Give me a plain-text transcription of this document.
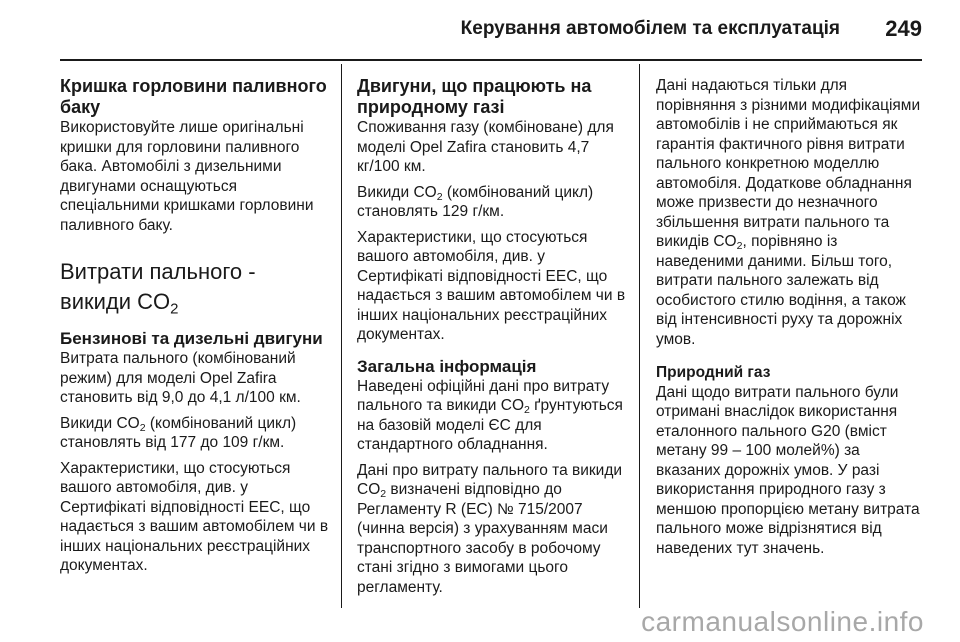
Керування автомобілем та експлуатація 249
Кришка горловини паливного баку

Використовуйте лише оригінальні кришки для горловини паливного бака. Автомобілі з дизельними двигунами оснащуються спеціальними кришками горловини паливного баку.

Витрати пального -
викиди $CO_2$
Бензинові та дизельні двигуни

Витрата пального (комбінований режим) для моделі Opel Zafira становить від 9,0 до 4,1 л/100 км.

Викиди $CO_2$ (комбінований цикл) становлять від 177 до 109 г/км.

Характеристики, що стосуються вашого автомобіля, див. у Сертифікаті відповідності ЕЕС, що надається з вашим автомобілем чи в інших національних реєстраційних документах.

Двигуни, що працюють на природному газі

Споживання газу (комбіноване) для моделі Opel Zafira становить 4,7 кг/100 км.

Викиди $CO_2$ (комбінований цикл) становлять 129 г/км.

Характеристики, що стосуються вашого автомобіля, див. у Сертифікаті відповідності ЕЕС, що надається з вашим автомобілем чи в інших національних реєстраційних документах.

Загальна інформація

Наведені офіційні дані про витрату пального та викиди $CO_2$ ґрунтуються на базовій моделі ЄС для стандартного обладнання.

Дані про витрату пального та викиди $CO_2$ визначені відповідно до Регламенту R (EC) № 715/2007 (чинна версія) з урахуванням маси транспортного засобу в робочому стані згідно з вимогами цього регламенту.

Дані надаються тільки для порівняння з різними модифікаціями автомобілів і не сприймаються як гарантія фактичного рівня витрати пального конкретною моделлю автомобіля. Додаткове обладнання може призвести до незначного збільшення витрати пального та викидів $CO_2$, порівняно із наведеними даними. Більш того, витрати пального залежать від особистого стилю водіння, а також від інтенсивності руху та дорожніх умов.

Природний газ

Дані щодо витрати пального були отримані внаслідок використання еталонного пального G20 (вміст метану 99 – 100 молей%) за вказаних дорожніх умов. У разі використання природного газу з меншою пропорцією метану витрата пального може відрізнятися від наведених тут значень.

carmanualsonline.info
